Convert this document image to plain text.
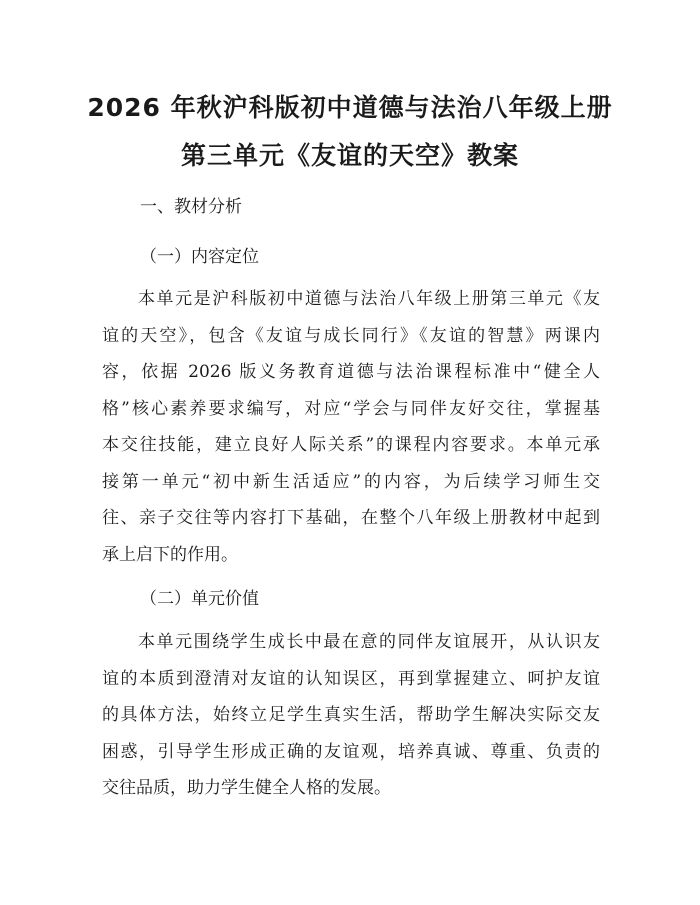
2026 年秋沪科版初中道德与法治八年级上册
第三单元《友谊的天空》教案
一、教材分析
（一）内容定位
本单元是沪科版初中道德与法治八年级上册第三单元《友
谊的天空》，包含《友谊与成长同行》《友谊的智慧》两课内
容，依据 2026 版义务教育道德与法治课程标准中“健全人
格”核心素养要求编写，对应“学会与同伴友好交往，掌握基
本交往技能，建立良好人际关系”的课程内容要求。本单元承
接第一单元“初中新生活适应”的内容，为后续学习师生交
往、亲子交往等内容打下基础，在整个八年级上册教材中起到
承上启下的作用。
（二）单元价值
本单元围绕学生成长中最在意的同伴友谊展开，从认识友
谊的本质到澄清对友谊的认知误区，再到掌握建立、呵护友谊
的具体方法，始终立足学生真实生活，帮助学生解决实际交友
困惑，引导学生形成正确的友谊观，培养真诚、尊重、负责的
交往品质，助力学生健全人格的发展。
